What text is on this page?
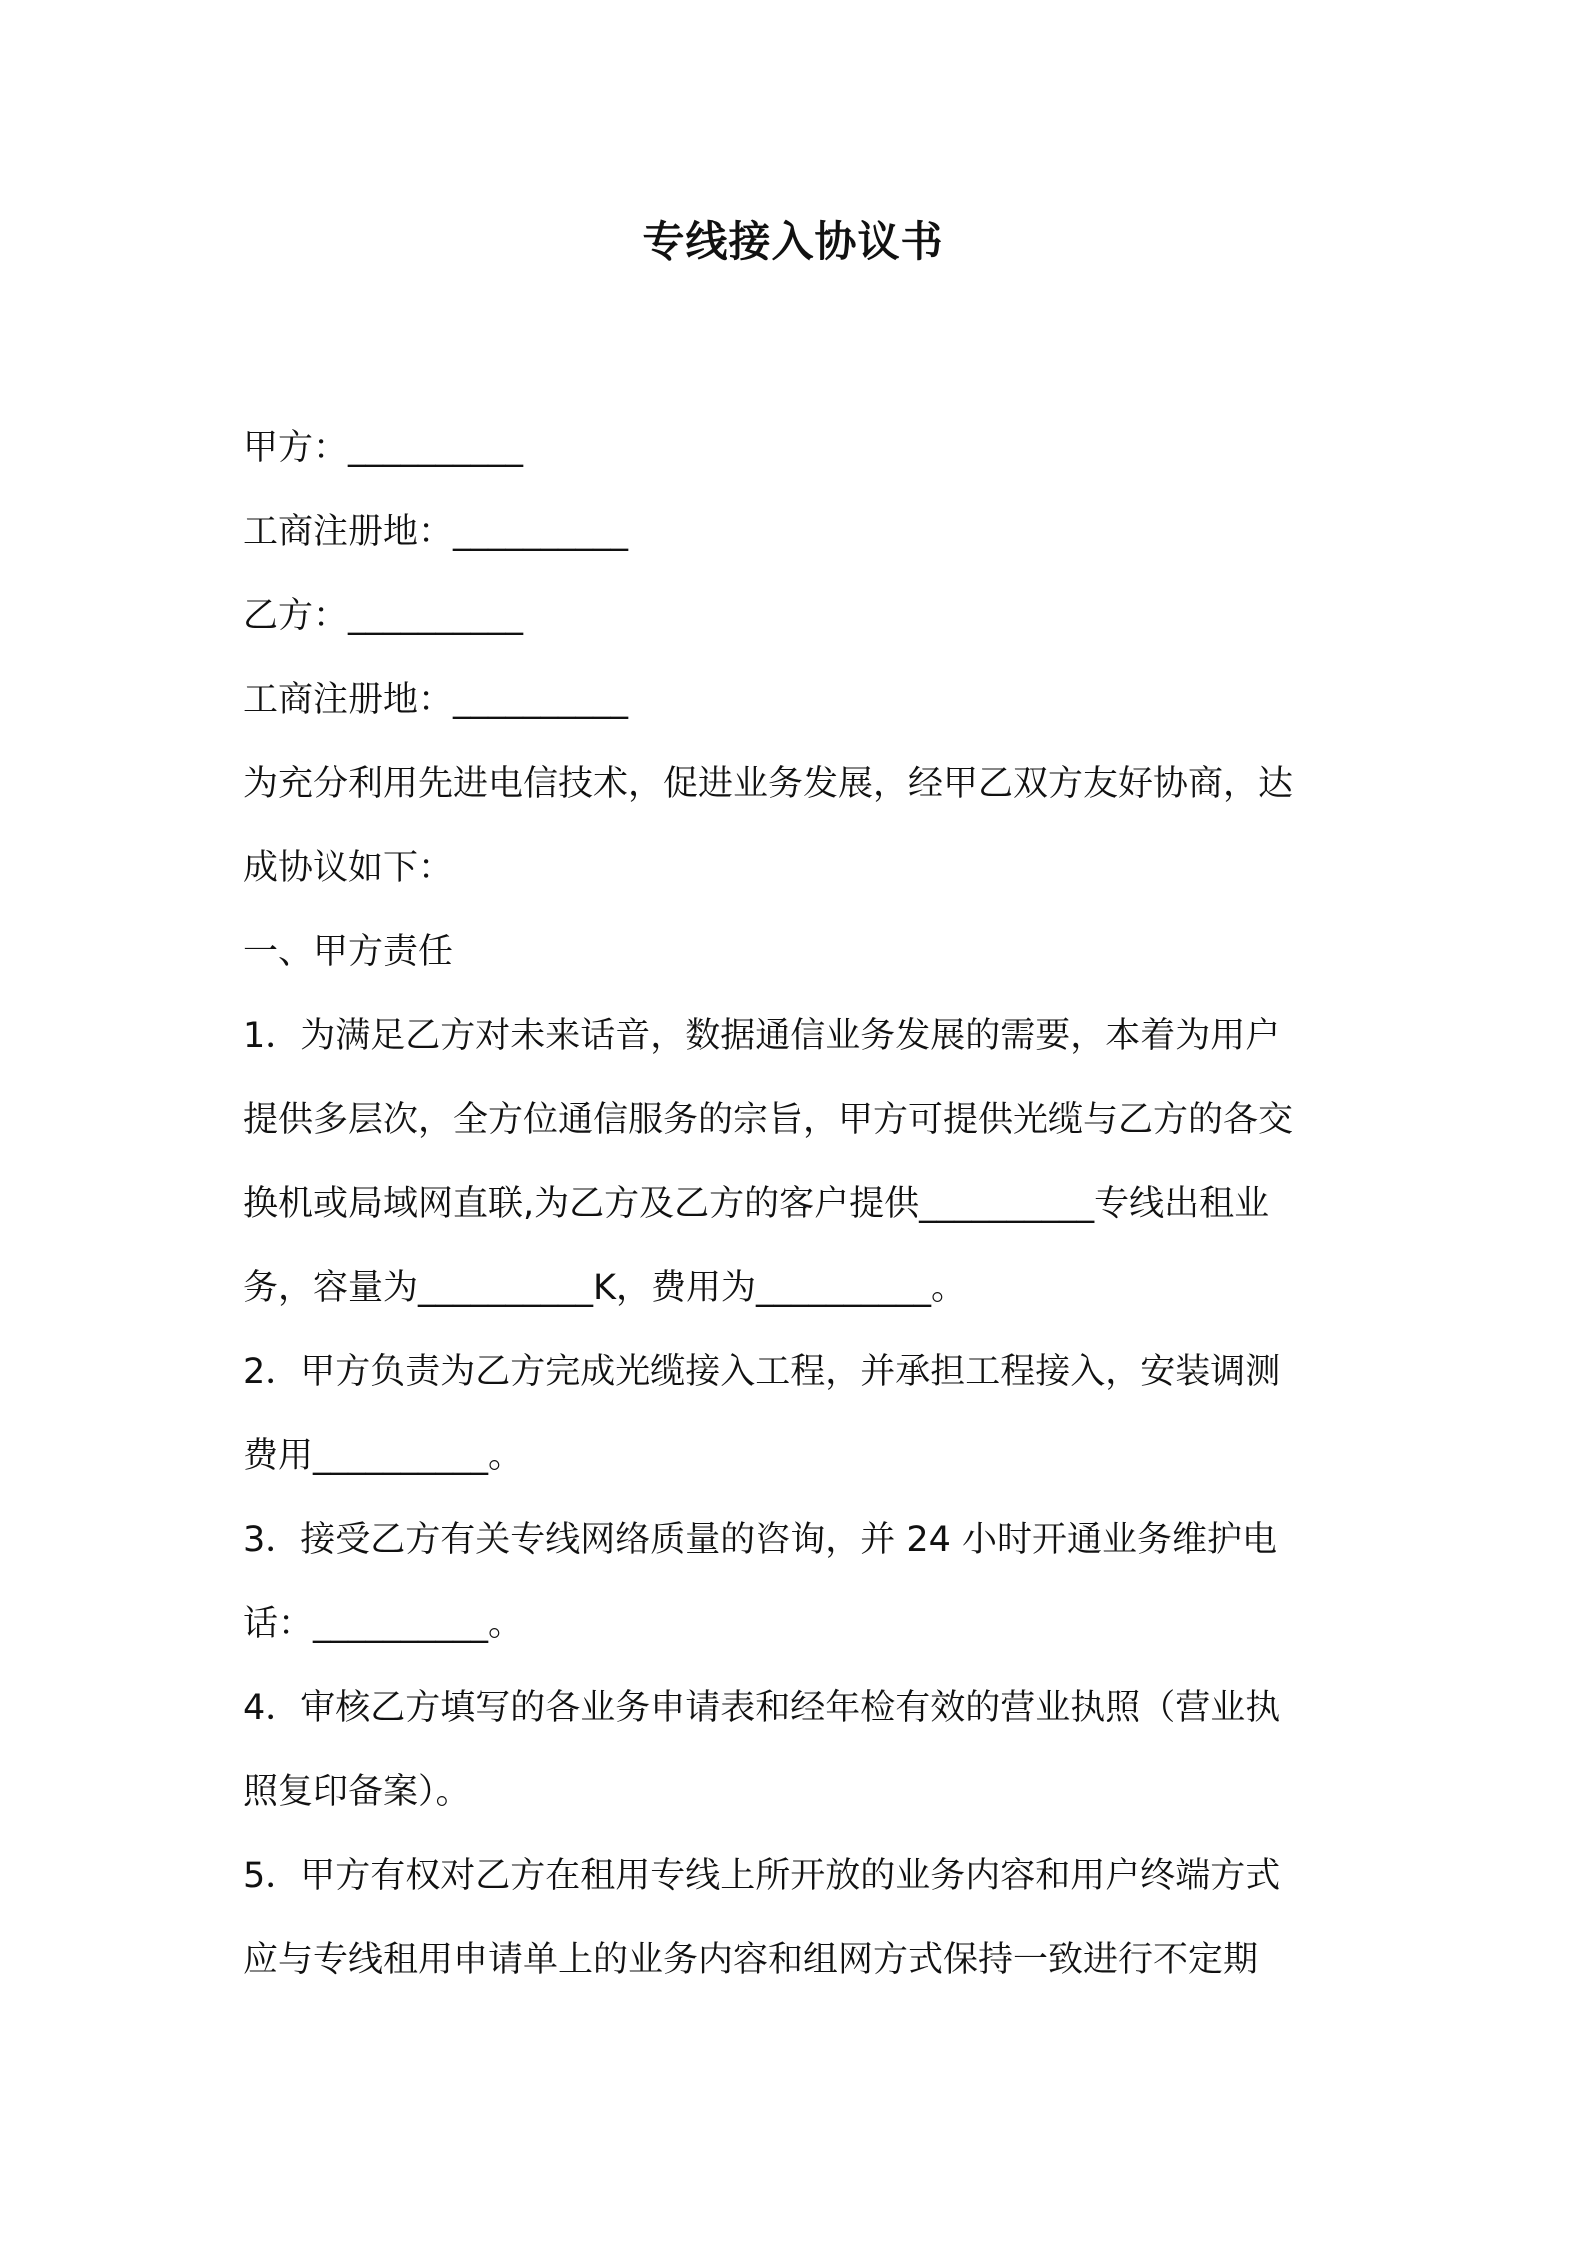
专线接入协议书
甲方：__________
工商注册地：__________
乙方：__________
工商注册地：__________
为充分利用先进电信技术，促进业务发展，经甲乙双方友好协商，达
成协议如下：
一、甲方责任
1．为满足乙方对未来话音，数据通信业务发展的需要，本着为用户
提供多层次，全方位通信服务的宗旨，甲方可提供光缆与乙方的各交
换机或局域网直联,为乙方及乙方的客户提供__________专线出租业
务，容量为__________K，费用为__________。
2．甲方负责为乙方完成光缆接入工程，并承担工程接入，安装调测
费用__________。
3．接受乙方有关专线网络质量的咨询，并 24 小时开通业务维护电
话：__________。
4．审核乙方填写的各业务申请表和经年检有效的营业执照（营业执
照复印备案）。
5．甲方有权对乙方在租用专线上所开放的业务内容和用户终端方式
应与专线租用申请单上的业务内容和组网方式保持一致进行不定期
